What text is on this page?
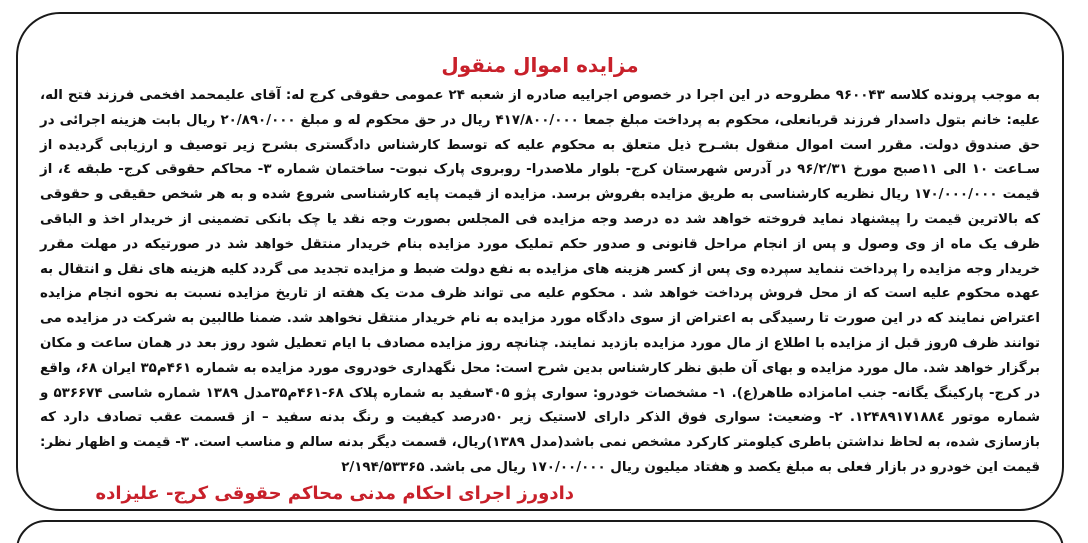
مزایده اموال منقول

به موجب پرونده کلاسه ۹۶۰۰۴۳ مطروحه در این اجرا در خصوص اجراییه صادره از شعبه ۲۴ عمومی حقوقی کرج له: آقای علیمحمد افخمی فرزند فتح اله، علیه: خانم بتول داسدار فرزند قربانعلی، محکوم به پرداخت مبلغ جمعا ۴۱۷/۸۰۰/۰۰۰ ریال در حق محکوم له و مبلغ ۲۰/۸۹۰/۰۰۰ ریال بابت هزینه اجرائی در حق صندوق دولت. مقرر است اموال منقول بشـرح ذیل متعلق به محکوم علیه که توسط کارشناس دادگستری بشرح زیر توصیف و ارزیابی گردیده از سـاعت ۱۰ الی ۱۱صبح مورخ ۹۶/۲/۳۱ در آدرس شهرستان کرج- بلوار ملاصدرا- روبروی پارک نبوت- ساختمان شماره ۳- محاکم حقوقی کرج- طبقه ٤، از قیمت ۱۷۰/۰۰۰/۰۰۰ ریال نظریه کارشناسی به طریق مزایده بفروش برسد. مزایده از قیمت پایه کارشناسی شروع شده و به هر شخص حقیقی و حقوقی که بالاترین قیمت را پیشنهاد نماید فروخته خواهد شد ده درصد وجه مزایده فی المجلس بصورت وجه نقد یا چک بانکی تضمینی از خریدار اخذ و الباقی ظرف یک ماه از وی وصول و پس از انجام مراحل قانونی و صدور حکم تملیک مورد مزایده بنام خریدار منتقل خواهد شد در صورتیکه در مهلت مقرر خریدار وجه مزایده را پرداخت ننماید سپرده وی پس از کسر هزینه های مزایده به نفع دولت ضبط و مزایده تجدید می گردد کلیه هزینه های نقل و انتقال به عهده محکوم علیه است که از محل فروش پرداخت خواهد شد . محکوم علیه می تواند ظرف مدت یک هفته از تاریخ مزایده نسبت به نحوه انجام مزایده اعتراض نمایند که در این صورت تا رسیدگی به اعتراض از سوی دادگاه مورد مزایده به نام خریدار منتقل نخواهد شد. ضمنا طالبین به شرکت در مزایده می توانند ظرف ۵روز قبل از مزایده با اطلاع از مال مورد مزایده بازدید نمایند. چنانچه روز مزایده مصادف با ایام تعطیل شود روز بعد در همان ساعت و مکان برگزار خواهد شد. مال مورد مزایده و بهای آن طبق نظر کارشناس بدین شرح است: محل نگهداری خودروی مورد مزایده به شماره ۴۶۱م۳۵ ایران ۶۸، واقع در کرج- پارکینگ یگانه- جنب امامزاده طاهر(ع). ۱- مشخصات خودرو: سواری پژو ۴۰۵سفید به شماره پلاک ۶۸-۴۶۱م۳۵مدل ۱۳۸۹ شماره شاسی ۵۳۶۶۷۴ و شماره موتور ۱۲۴۸۹۱۷۱۸۸٤. ۲- وضعیت: سواری فوق الذکر دارای لاستیک زیر ۵۰درصد کیفیت و رنگ بدنه سفید – از قسمت عقب تصادف دارد که بازسازی شده، به لحاظ نداشتن باطری کیلومتر کارکرد مشخص نمی باشد(مدل ۱۳۸۹)ریال، قسمت دیگر بدنه سالم و مناسب است. ۳- قیمت و اظهار نظر: قیمت این خودرو در بازار فعلی به مبلغ یکصد و هفتاد میلیون ریال ۱۷۰/۰۰/۰۰۰ ریال می باشد. ۲/۱۹۴/۵۳۳۶۵

دادورز اجرای احکام مدنی محاکم حقوقی کرج- علیزاده
